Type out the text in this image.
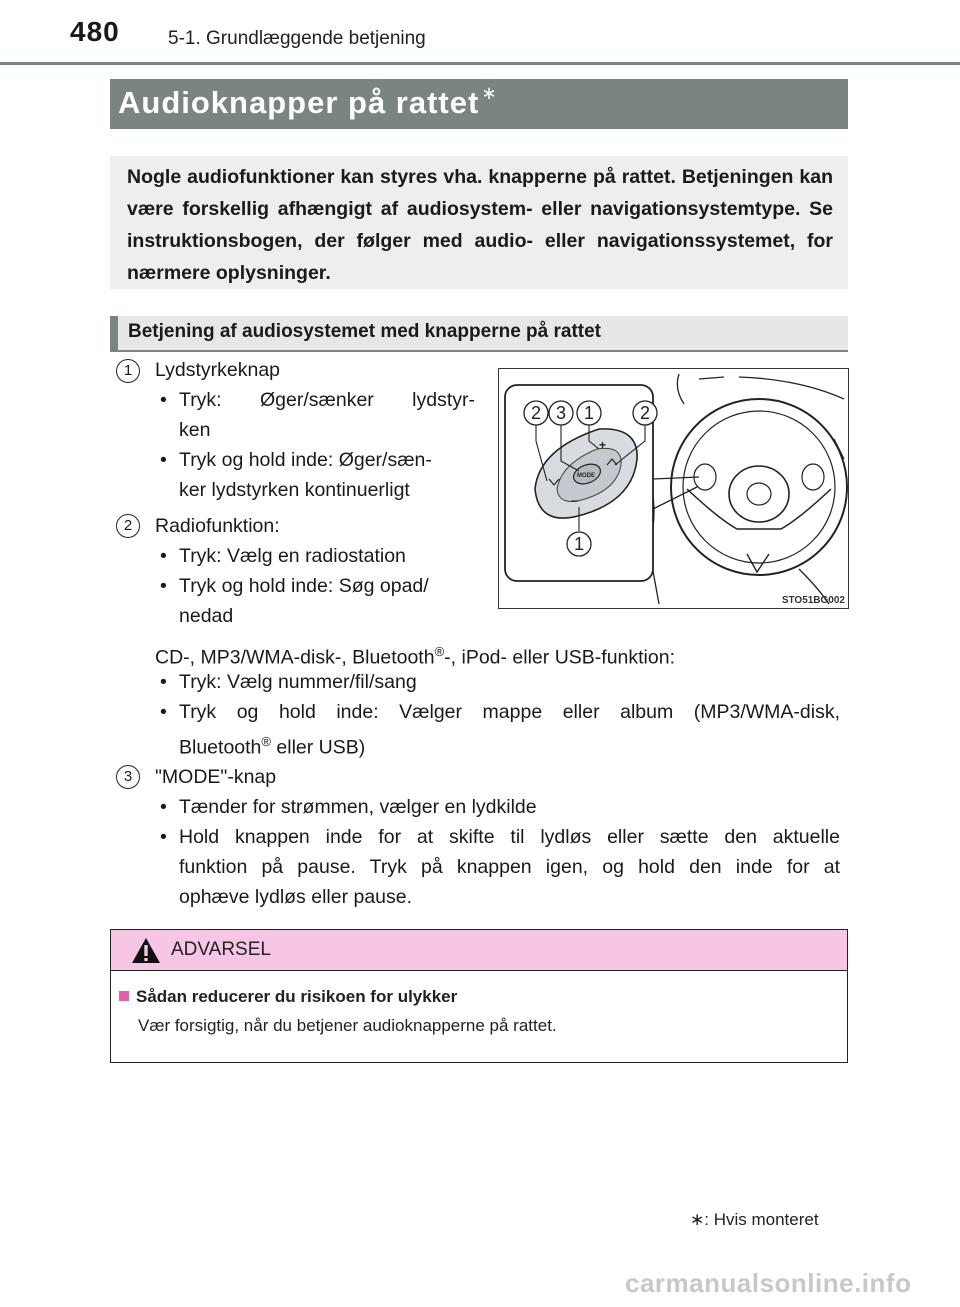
480	5-1. Grundlæggende betjening
Audioknapper på rattet ∗

Nogle audiofunktioner kan styres vha. knapperne på rattet. Betjeningen kan være forskellig afhængigt af audiosystem- eller navigationsystemtype. Se instruktionsbogen, der følger med audio- eller navigationssystemet, for nærmere oplysninger.

Betjening af audiosystemet med knapperne på rattet
1	Lydstyrkeknap
• Tryk: Øger/sænker lydstyr-
ken
• Tryk og hold inde: Øger/sæn-
ker lydstyrken kontinuerligt
2	Radiofunktion:
• Tryk: Vælg en radiostation
• Tryk og hold inde: Søg opad/
nedad
CD-, MP3/WMA-disk-, Bluetooth®-, iPod- eller USB-funktion:
• Tryk: Vælg nummer/fil/sang
• Tryk og hold inde: Vælger mappe eller album (MP3/WMA-disk,
Bluetooth® eller USB)
3	"MODE"-knap
• Tænder for strømmen, vælger en lydkilde
• Hold knappen inde for at skifte til lydløs eller sætte den aktuelle
funktion på pause. Tryk på knappen igen, og hold den inde for at
ophæve lydløs eller pause.
MODE
+
−
2 3 1	2
1
STO51BG002
ADVARSEL
Sådan reducerer du risikoen for ulykker
Vær forsigtig, når du betjener audioknapperne på rattet.
∗: Hvis monteret
carmanualsonline.info
